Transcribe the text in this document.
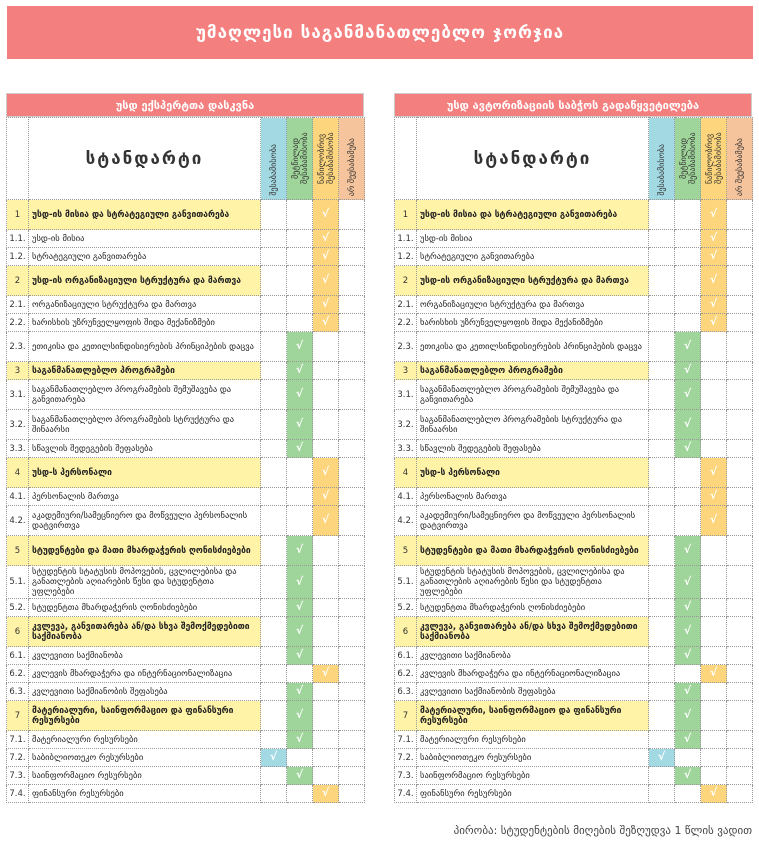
უმაღლესი საგანმანათლებლო ჯორჯია
უსდ ექსპერტთა დასკვნა
	სტანდარტი	შესაბამისობა	მეტწილად შესაბამისობა	ნაწილობრივ შესაბამისობა	არ შეესაბამება

1	უსდ-ის მისია და სტრატეგიული განვითარება			√	
1.1.	უსდ-ის მისია			√	
1.2.	სტრატეგიული განვითარება			√	
2	უსდ-ის ორგანიზაციული სტრუქტურა და მართვა			√	
2.1.	ორგანიზაციული სტრუქტურა და მართვა			√	
2.2.	ხარისხის უზრუნველყოფის შიდა მექანიზმები			√	
2.3.	ეთიკისა და კეთილსინდისიერების პრინციპების დაცვა		√		
3	საგანმანათლებლო პროგრამები		√		
3.1.	საგანმანათლებლო პროგრამების შემუშავება და განვითარება		√		
3.2.	საგანმანათლებლო პროგრამების სტრუქტურა და შინაარსი		√		
3.3.	სწავლის შედეგების შეფასება		√		
4	უსდ-ს პერსონალი			√	
4.1.	პერსონალის მართვა			√	
4.2.	აკადემიური/სამეცნიერო და მოწვეული პერსონალის დატვირთვა			√	
5	სტუდენტები და მათი მხარდაჭერის ღონისძიებები		√		
5.1.	სტუდენტის სტატუსის მოპოვების, ცვლილებისა და განათლების აღიარების წესი და სტუდენტთა უფლებები		√		
5.2.	სტუდენტთა მხარდაჭერის ღონისძიებები		√		
6	კვლევა, განვითარება ან/და სხვა შემოქმედებითი საქმიანობა		√		
6.1.	კვლევითი საქმიანობა		√		
6.2.	კვლევის მხარდაჭერა და ინტერნაციონალიზაცია			√	
6.3.	კვლევითი საქმიანობის შეფასება		√		
7	მატერიალური, საინფორმაციო და ფინანსური რესურსები		√		
7.1.	მატერიალური რესურსები		√		
7.2.	საბიბლიოთეკო რესურსები	√			
7.3.	საინფორმაციო რესურსები		√		
7.4.	ფინანსური რესურსები			√	
უსდ ავტორიზაციის საბჭოს გადაწყვეტილება
	სტანდარტი	შესაბამისობა	მეტწილად შესაბამისობა	ნაწილობრივ შესაბამისობა	არ შეესაბამება

1	უსდ-ის მისია და სტრატეგიული განვითარება			√	
1.1.	უსდ-ის მისია			√	
1.2.	სტრატეგიული განვითარება			√	
2	უსდ-ის ორგანიზაციული სტრუქტურა და მართვა			√	
2.1.	ორგანიზაციული სტრუქტურა და მართვა			√	
2.2.	ხარისხის უზრუნველყოფის შიდა მექანიზმები			√	
2.3.	ეთიკისა და კეთილსინდისიერების პრინციპების დაცვა		√		
3	საგანმანათლებლო პროგრამები		√		
3.1.	საგანმანათლებლო პროგრამების შემუშავება და განვითარება		√		
3.2.	საგანმანათლებლო პროგრამების სტრუქტურა და შინაარსი		√		
3.3.	სწავლის შედეგების შეფასება		√		
4	უსდ-ს პერსონალი			√	
4.1.	პერსონალის მართვა			√	
4.2.	აკადემიური/სამეცნიერო და მოწვეული პერსონალის დატვირთვა			√	
5	სტუდენტები და მათი მხარდაჭერის ღონისძიებები		√		
5.1.	სტუდენტის სტატუსის მოპოვების, ცვლილებისა და განათლების აღიარების წესი და სტუდენტთა უფლებები		√		
5.2.	სტუდენტთა მხარდაჭერის ღონისძიებები		√		
6	კვლევა, განვითარება ან/და სხვა შემოქმედებითი საქმიანობა		√		
6.1.	კვლევითი საქმიანობა		√		
6.2.	კვლევის მხარდაჭერა და ინტერნაციონალიზაცია			√	
6.3.	კვლევითი საქმიანობის შეფასება		√		
7	მატერიალური, საინფორმაციო და ფინანსური რესურსები		√		
7.1.	მატერიალური რესურსები		√		
7.2.	საბიბლიოთეკო რესურსები	√			
7.3.	საინფორმაციო რესურსები		√		
7.4.	ფინანსური რესურსები			√	
პირობა: სტუდენტების მიღების შეზღუდვა 1 წლის ვადით
